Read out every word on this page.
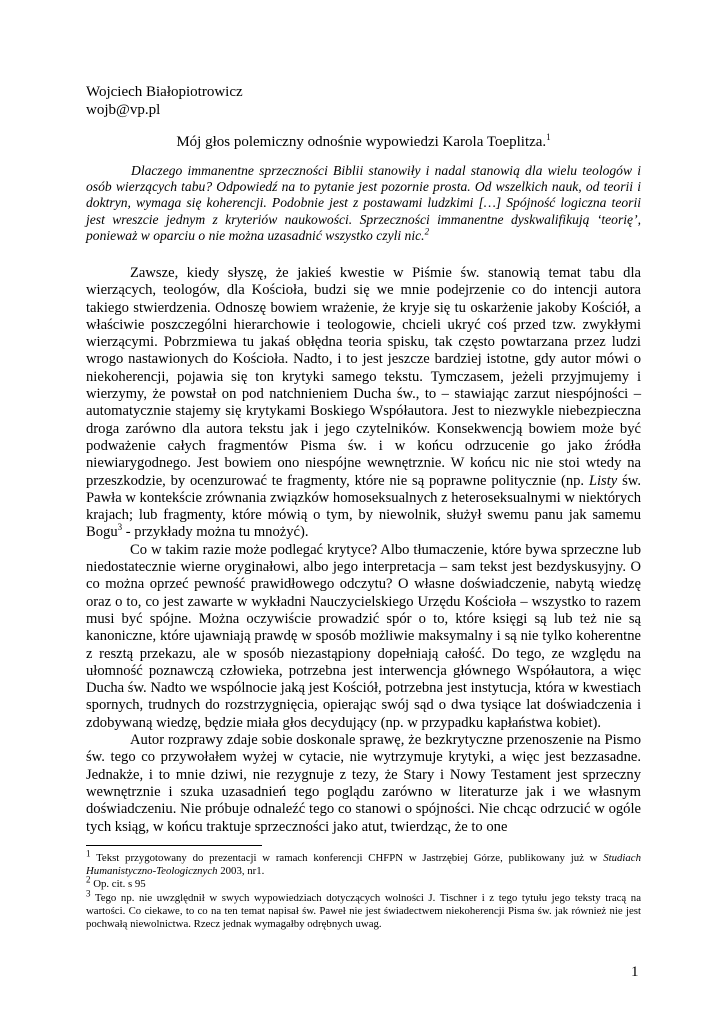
Wojciech Białopiotrowicz
wojb@vp.pl
Mój głos polemiczny odnośnie wypowiedzi Karola Toeplitza.$^1$
Dlaczego immanentne sprzeczności Biblii stanowiły i nadal stanowią dla wielu teologów i osób wierzących tabu? Odpowiedź na to pytanie jest pozornie prosta. Od wszelkich nauk, od teorii i doktryn, wymaga się koherencji. Podobnie jest z postawami ludzkimi […] Spójność logiczna teorii jest wreszcie jednym z kryteriów naukowości. Sprzeczności immanentne dyskwalifikują ‘teorię’, ponieważ w oparciu o nie można uzasadnić wszystko czyli nic.$^2$

Zawsze, kiedy słyszę, że jakieś kwestie w Piśmie św. stanowią temat tabu dla wierzących, teologów, dla Kościoła, budzi się we mnie podejrzenie co do intencji autora takiego stwierdzenia. Odnoszę bowiem wrażenie, że kryje się tu oskarżenie jakoby Kościół, a właściwie poszczególni hierarchowie i teologowie, chcieli ukryć coś przed tzw. zwykłymi wierzącymi. Pobrzmiewa tu jakaś obłędna teoria spisku, tak często powtarzana przez ludzi wrogo nastawionych do Kościoła. Nadto, i to jest jeszcze bardziej istotne, gdy autor mówi o niekoherencji, pojawia się ton krytyki samego tekstu. Tymczasem, jeżeli przyjmujemy i wierzymy, że powstał on pod natchnieniem Ducha św., to – stawiając zarzut niespójności – automatycznie stajemy się krytykami Boskiego Współautora. Jest to niezwykle niebezpieczna droga zarówno dla autora tekstu jak i jego czytelników. Konsekwencją bowiem może być podważenie całych fragmentów Pisma św. i w końcu odrzucenie go jako źródła niewiarygodnego. Jest bowiem ono niespójne wewnętrznie. W końcu nic nie stoi wtedy na przeszkodzie, by ocenzurować te fragmenty, które nie są poprawne politycznie (np. Listy św. Pawła w kontekście zrównania związków homoseksualnych z heteroseksualnymi w niektórych krajach; lub fragmenty, które mówią o tym, by niewolnik, służył swemu panu jak samemu Bogu$^3$ - przykłady można tu mnożyć).

Co w takim razie może podlegać krytyce? Albo tłumaczenie, które bywa sprzeczne lub niedostatecznie wierne oryginałowi, albo jego interpretacja – sam tekst jest bezdyskusyjny. O co można oprzeć pewność prawidłowego odczytu? O własne doświadczenie, nabytą wiedzę oraz o to, co jest zawarte w wykładni Nauczycielskiego Urzędu Kościoła – wszystko to razem musi być spójne. Można oczywiście prowadzić spór o to, które księgi są lub też nie są kanoniczne, które ujawniają prawdę w sposób możliwie maksymalny i są nie tylko koherentne z resztą przekazu, ale w sposób niezastąpiony dopełniają całość. Do tego, ze względu na ułomność poznawczą człowieka, potrzebna jest interwencja głównego Współautora, a więc Ducha św. Nadto we wspólnocie jaką jest Kościół, potrzebna jest instytucja, która w kwestiach spornych, trudnych do rozstrzygnięcia, opierając swój sąd o dwa tysiące lat doświadczenia i zdobywaną wiedzę, będzie miała głos decydujący (np. w przypadku kapłaństwa kobiet).

Autor rozprawy zdaje sobie doskonale sprawę, że bezkrytyczne przenoszenie na Pismo św. tego co przywołałem wyżej w cytacie, nie wytrzymuje krytyki, a więc jest bezzasadne. Jednakże, i to mnie dziwi, nie rezygnuje z tezy, że Stary i Nowy Testament jest sprzeczny wewnętrznie i szuka uzasadnień tego poglądu zarówno w literaturze jak i we własnym doświadczeniu. Nie próbuje odnaleźć tego co stanowi o spójności. Nie chcąc odrzucić w ogóle tych ksiąg, w końcu traktuje sprzeczności jako atut, twierdząc, że to one

$^1$ Tekst przygotowany do prezentacji w ramach konferencji CHFPN w Jastrzębiej Górze, publikowany już w Studiach Humanistyczno-Teologicznych 2003, nr1.

$^2$ Op. cit. s 95

$^3$ Tego np. nie uwzględnił w swych wypowiedziach dotyczących wolności J. Tischner i z tego tytułu jego teksty tracą na wartości. Co ciekawe, to co na ten temat napisał św. Paweł nie jest świadectwem niekoherencji Pisma św. jak również nie jest pochwałą niewolnictwa. Rzecz jednak wymagałby odrębnych uwag.

1
